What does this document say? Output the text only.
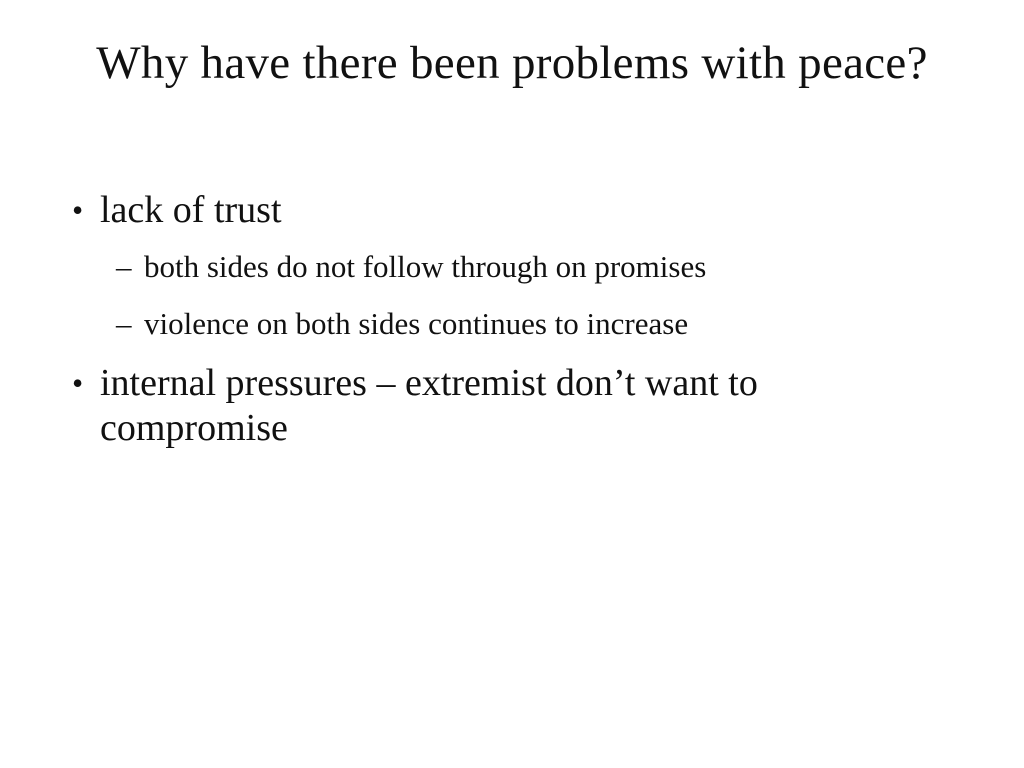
Why have there been problems with peace?
• lack of trust
– both sides do not follow through on promises
– violence on both sides continues to increase
• internal pressures – extremist don’t want to compromise
